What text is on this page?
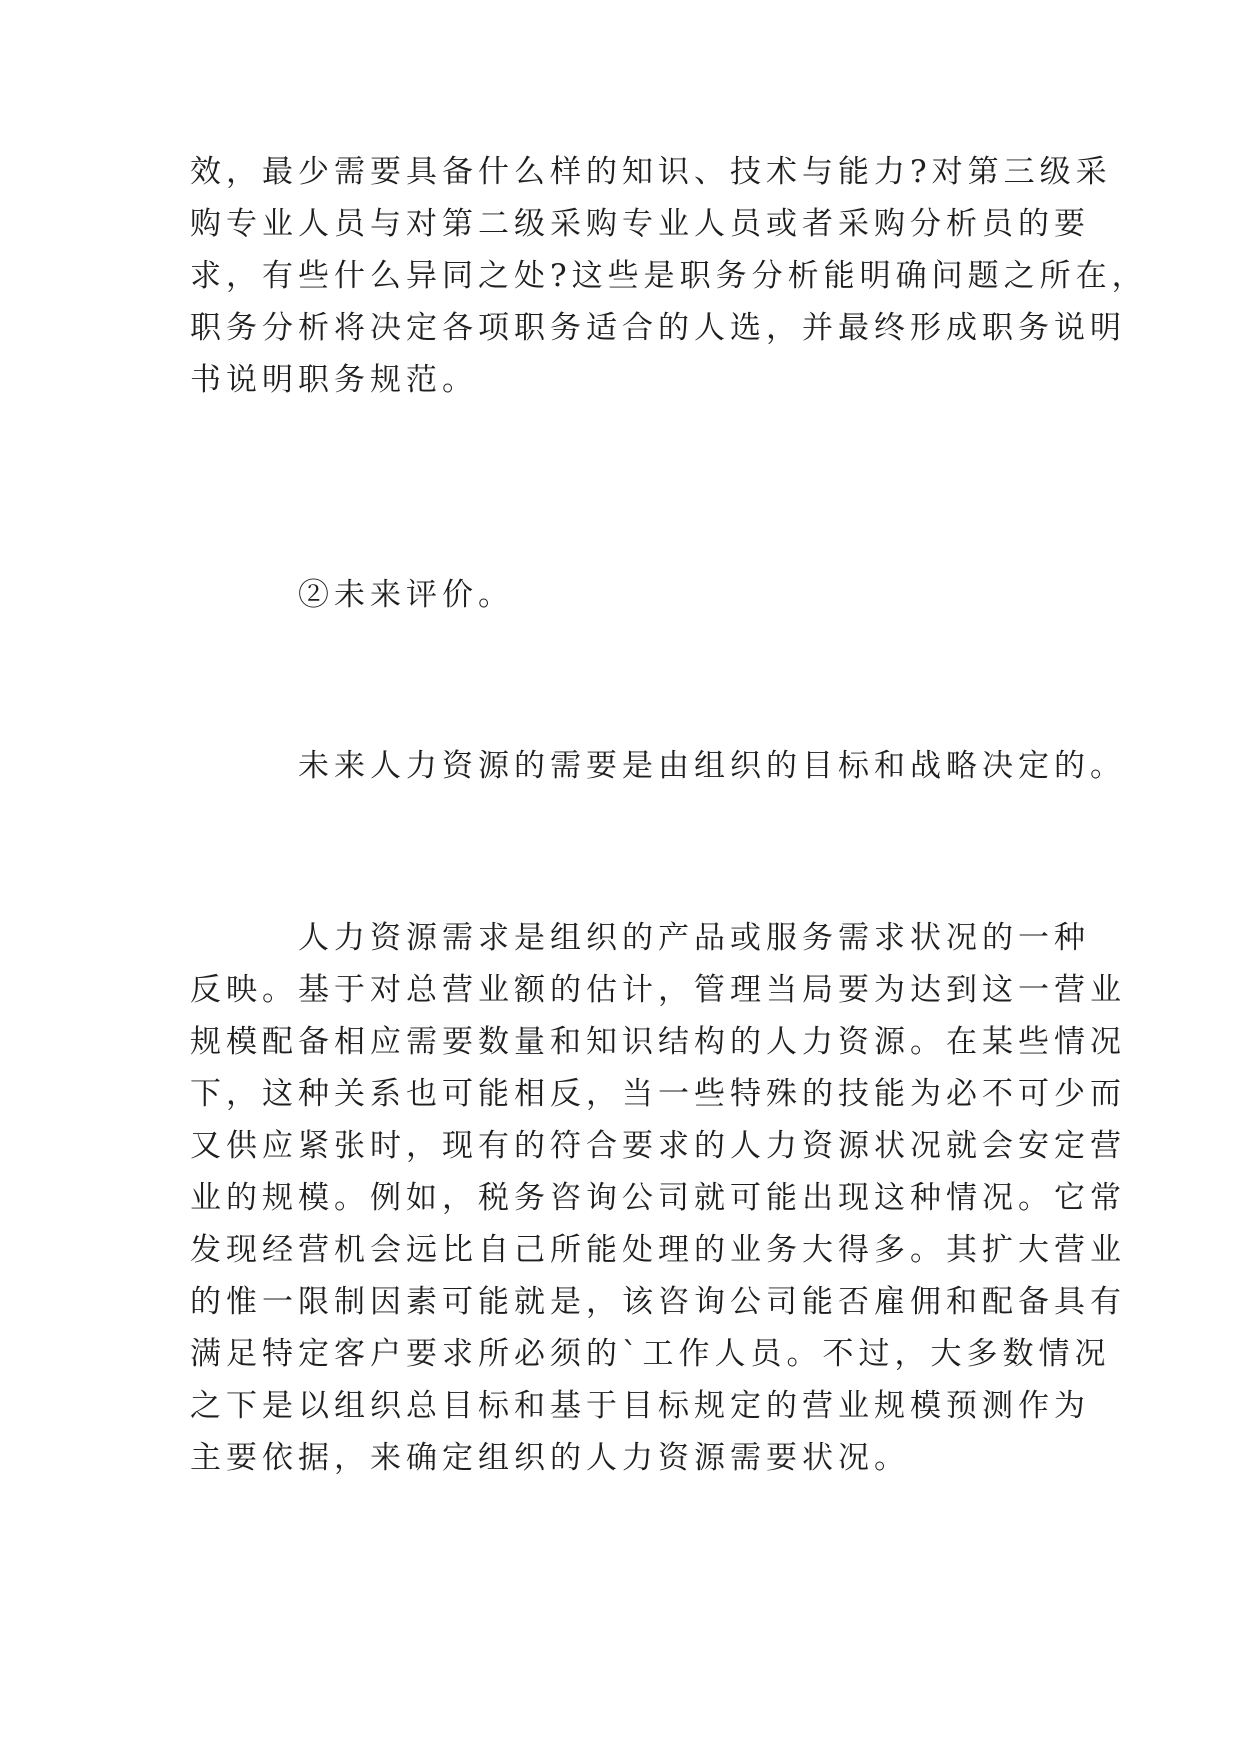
效，最少需要具备什么样的知识、技术与能力?对第三级采
购专业人员与对第二级采购专业人员或者采购分析员的要
求，有些什么异同之处?这些是职务分析能明确问题之所在，
职务分析将决定各项职务适合的人选，并最终形成职务说明
书说明职务规范。
②未来评价。
未来人力资源的需要是由组织的目标和战略决定的。
人力资源需求是组织的产品或服务需求状况的一种
反映。基于对总营业额的估计，管理当局要为达到这一营业
规模配备相应需要数量和知识结构的人力资源。在某些情况
下，这种关系也可能相反，当一些特殊的技能为必不可少而
又供应紧张时，现有的符合要求的人力资源状况就会安定营
业的规模。例如，税务咨询公司就可能出现这种情况。它常
发现经营机会远比自己所能处理的业务大得多。其扩大营业
的惟一限制因素可能就是，该咨询公司能否雇佣和配备具有
满足特定客户要求所必须的`工作人员。不过，大多数情况
之下是以组织总目标和基于目标规定的营业规模预测作为
主要依据，来确定组织的人力资源需要状况。
